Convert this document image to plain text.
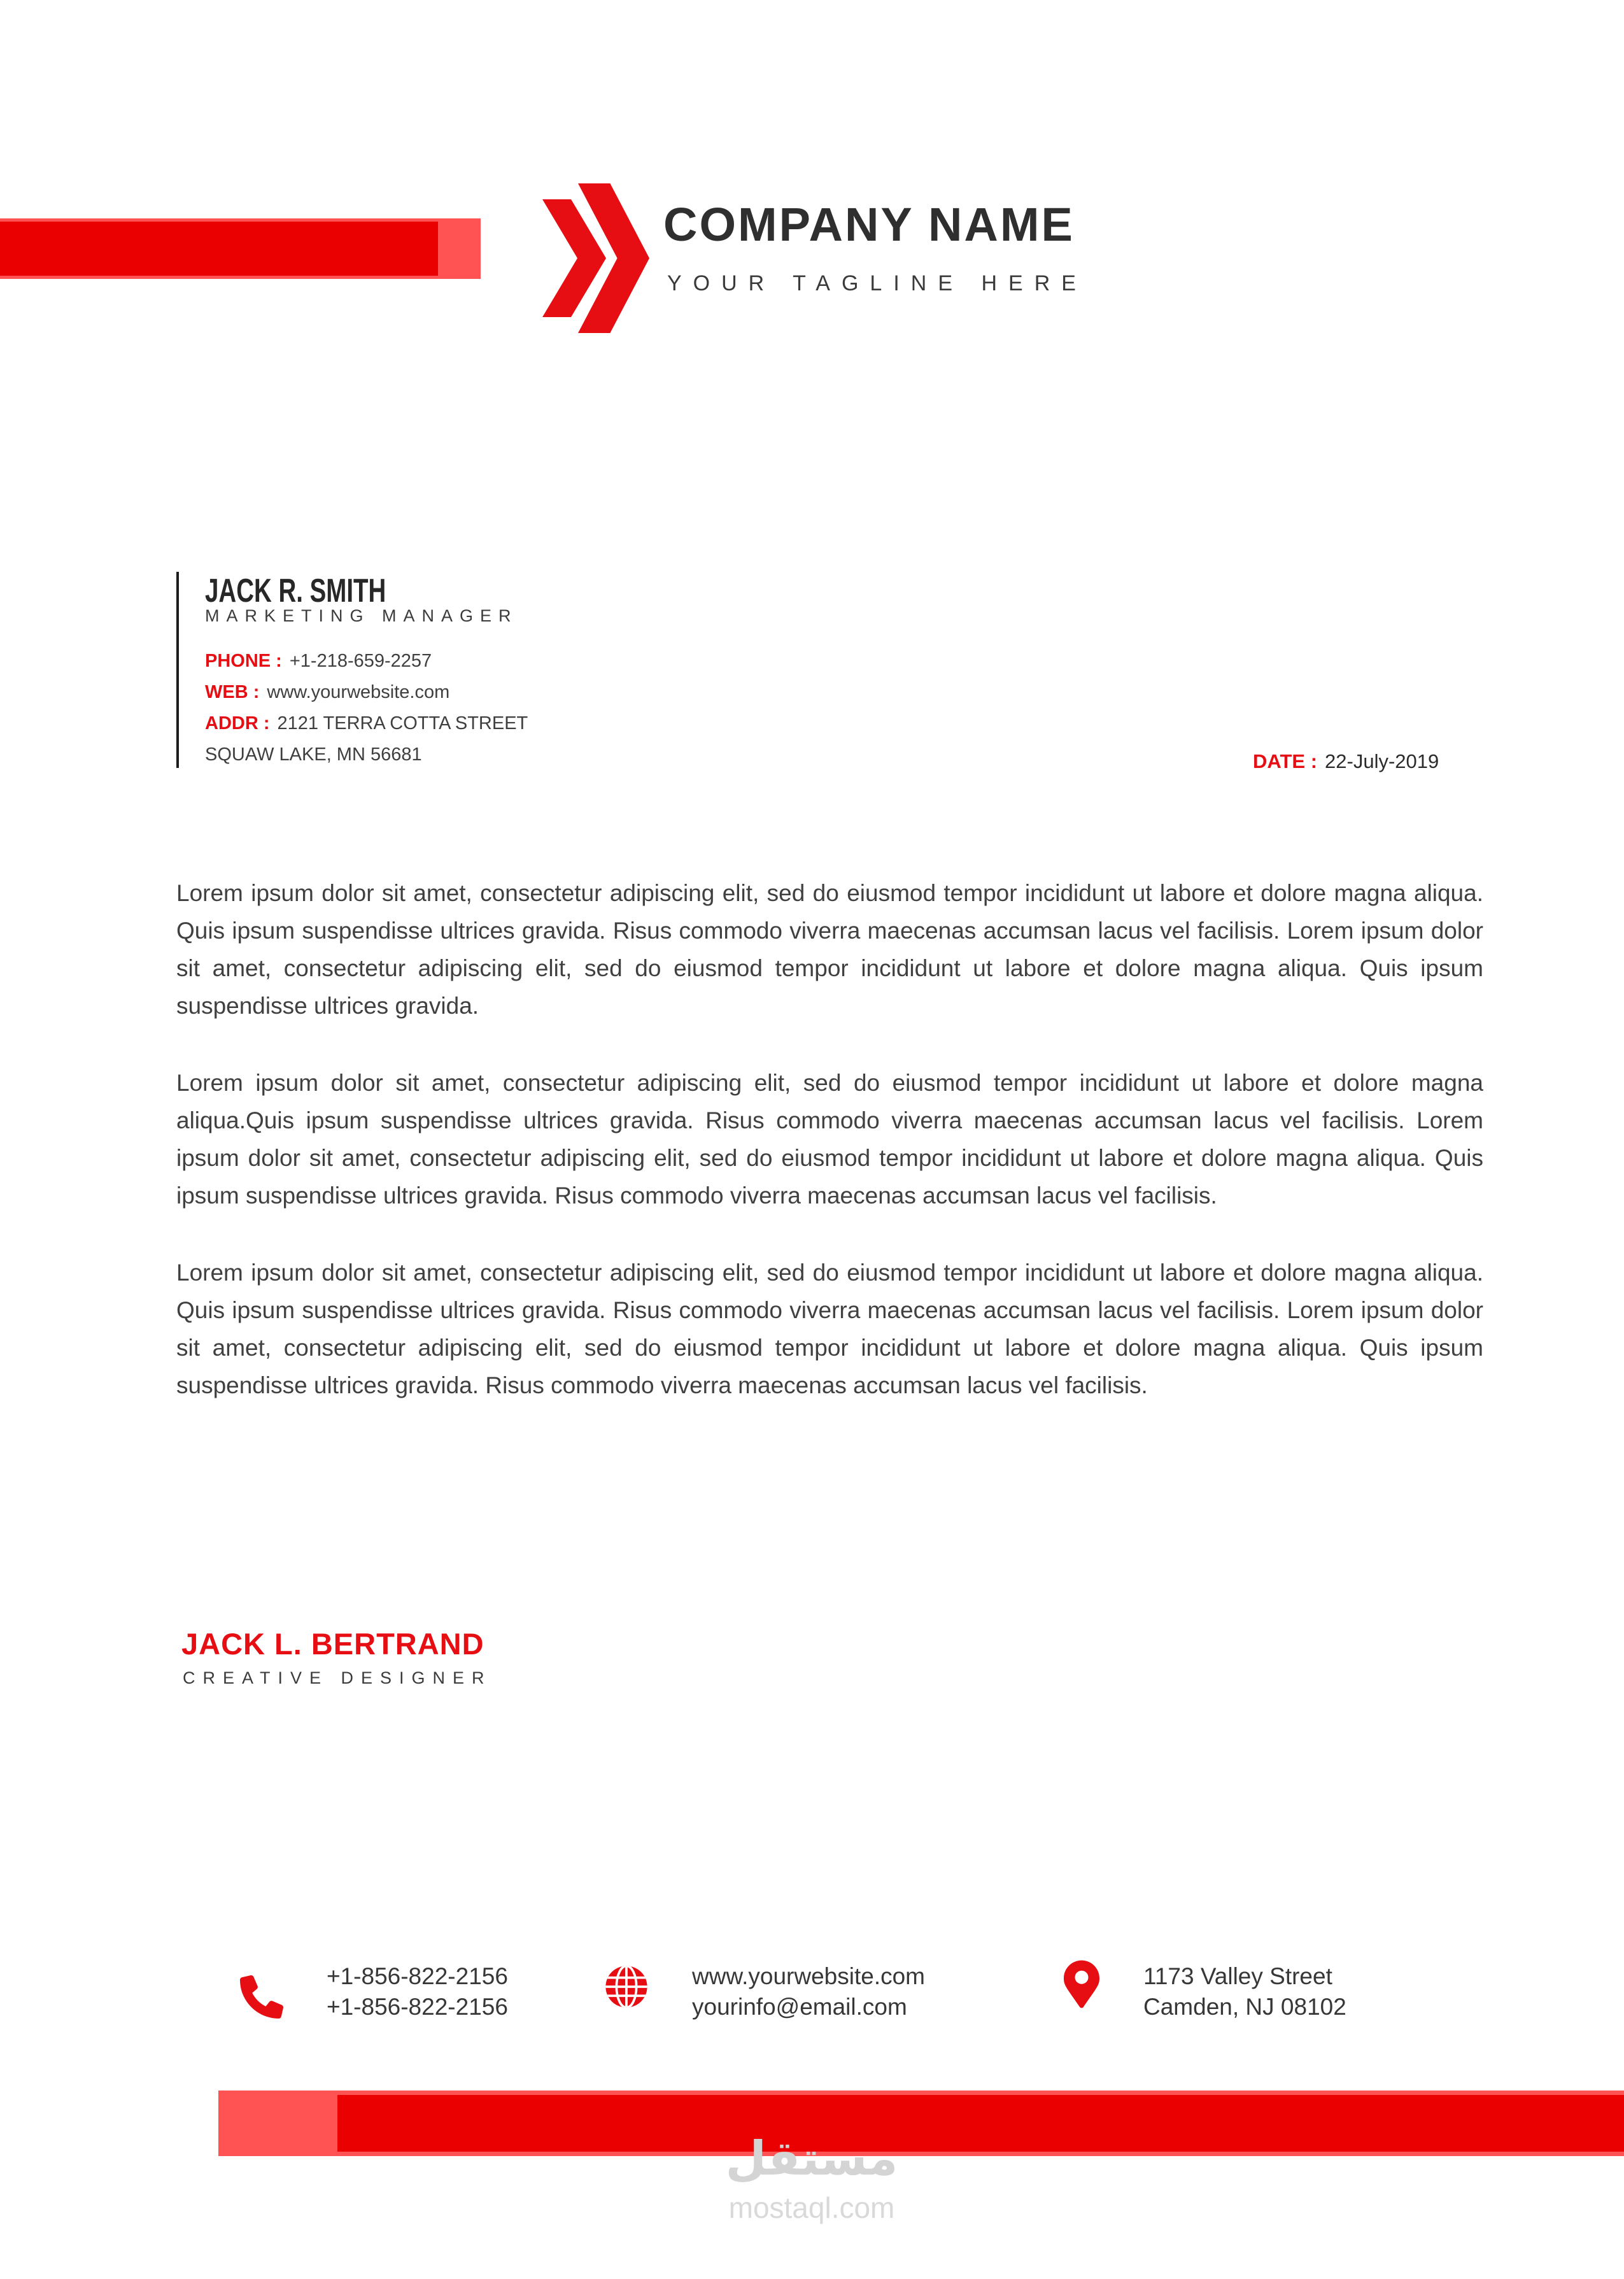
COMPANY NAME
YOUR TAGLINE HERE
JACK R. SMITH
MARKETING MANAGER
PHONE : +1-218-659-2257
WEB : www.yourwebsite.com
ADDR : 2121 TERRA COTTA STREET
SQUAW LAKE, MN 56681	DATE : 22-July-2019

Lorem ipsum dolor sit amet, consectetur adipiscing elit, sed do eiusmod tempor incididunt ut labore et dolore magna aliqua. Quis ipsum suspendisse ultrices gravida. Risus commodo viverra maecenas accumsan lacus vel facilisis. Lorem ipsum dolor sit amet, consectetur adipiscing elit, sed do eiusmod tempor incididunt ut labore et dolore magna aliqua. Quis ipsum suspendisse ultrices gravida.

Lorem ipsum dolor sit amet, consectetur adipiscing elit, sed do eiusmod tempor incididunt ut labore et dolore magna aliqua.Quis ipsum suspendisse ultrices gravida. Risus commodo viverra maecenas accumsan lacus vel facilisis. Lorem ipsum dolor sit amet, consectetur adipiscing elit, sed do eiusmod tempor incididunt ut labore et dolore magna aliqua. Quis ipsum suspendisse ultrices gravida. Risus commodo viverra maecenas accumsan lacus vel facilisis.

Lorem ipsum dolor sit amet, consectetur adipiscing elit, sed do eiusmod tempor incididunt ut labore et dolore magna aliqua. Quis ipsum suspendisse ultrices gravida. Risus commodo viverra maecenas accumsan lacus vel facilisis. Lorem ipsum dolor sit amet, consectetur adipiscing elit, sed do eiusmod tempor incididunt ut labore et dolore magna aliqua. Quis ipsum suspendisse ultrices gravida. Risus commodo viverra maecenas accumsan lacus vel facilisis.

JACK L. BERTRAND
CREATIVE DESIGNER
+1-856-822-2156
+1-856-822-2156
www.yourwebsite.com
yourinfo@email.com
1173 Valley Street
Camden, NJ 08102
مستقل
mostaql.com
